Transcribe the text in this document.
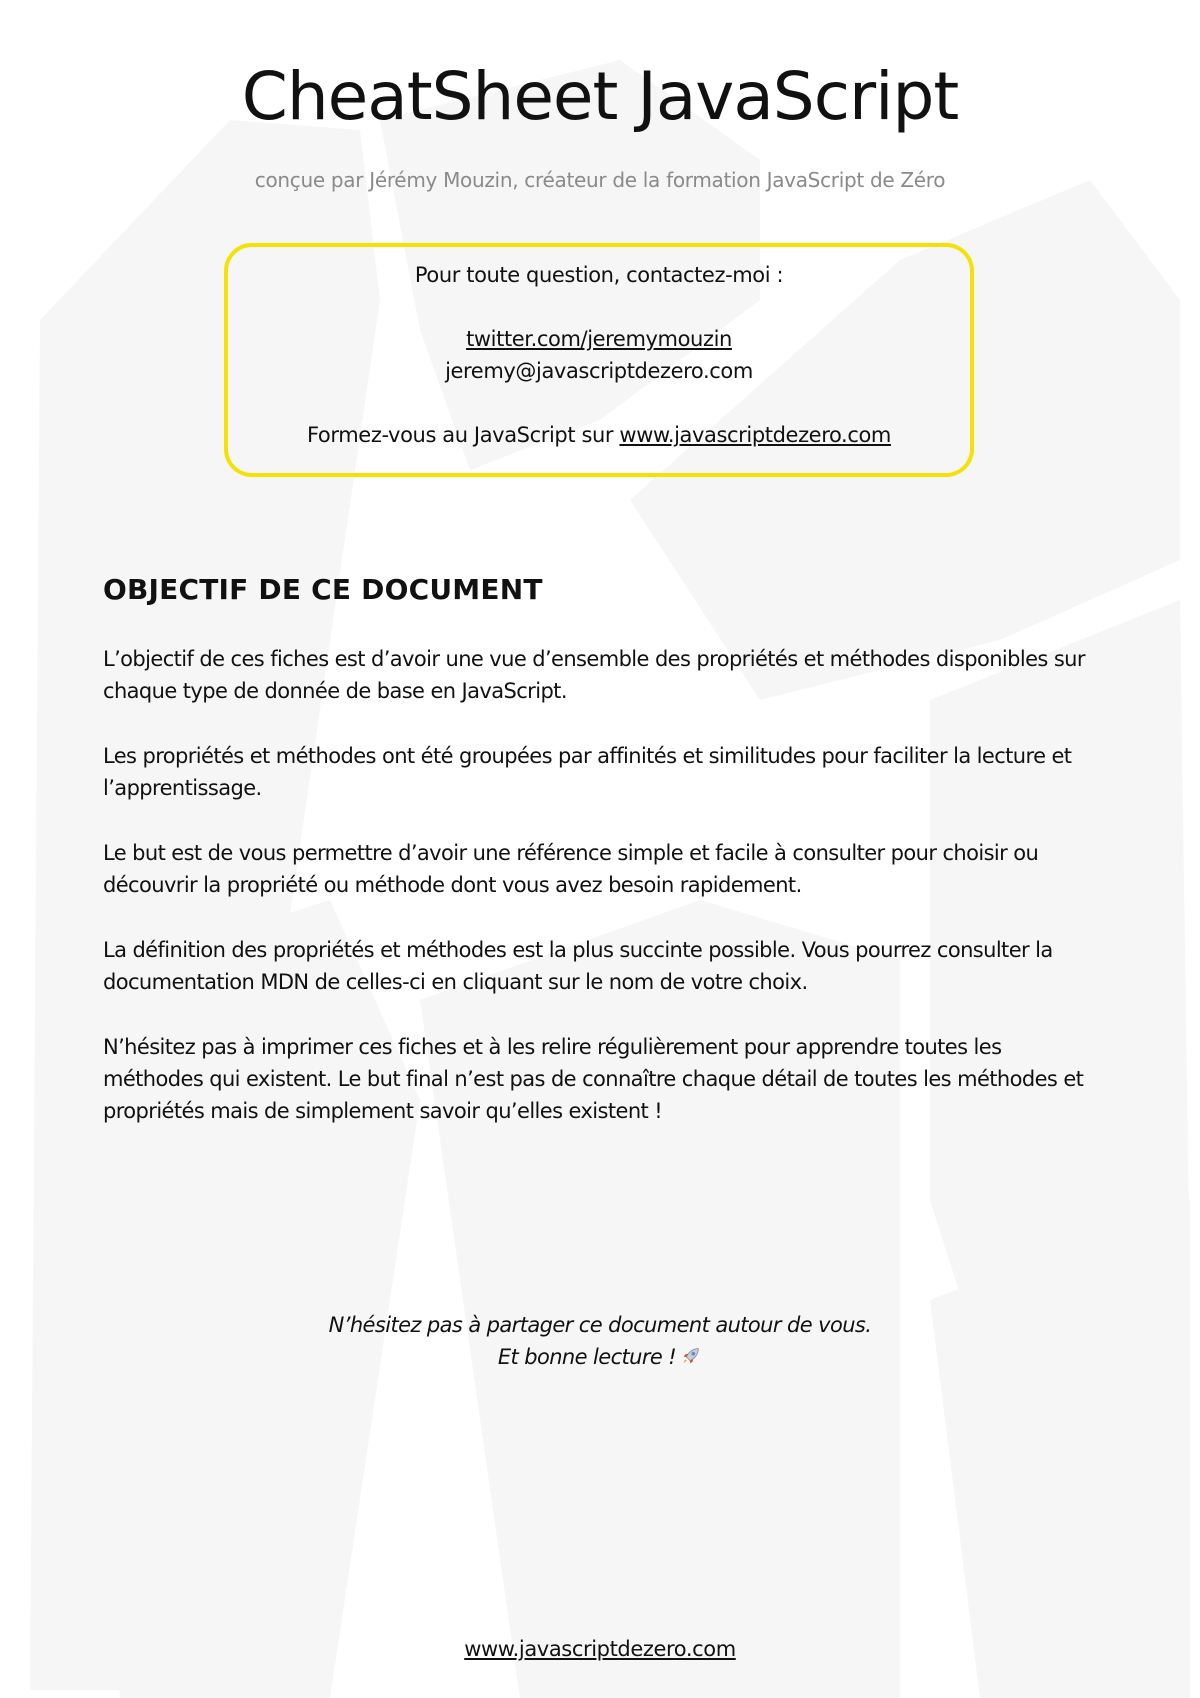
CheatSheet JavaScript
conçue par Jérémy Mouzin, créateur de la formation JavaScript de Zéro
Pour toute question, contactez-moi :
twitter.com/jeremymouzin
jeremy@javascriptdezero.com
Formez-vous au JavaScript sur www.javascriptdezero.com
OBJECTIF DE CE DOCUMENT

L’objectif de ces fiches est d’avoir une vue d’ensemble des propriétés et méthodes disponibles sur chaque type de donnée de base en JavaScript.

Les propriétés et méthodes ont été groupées par affinités et similitudes pour faciliter la lecture et l’apprentissage.

Le but est de vous permettre d’avoir une référence simple et facile à consulter pour choisir ou découvrir la propriété ou méthode dont vous avez besoin rapidement.

La définition des propriétés et méthodes est la plus succinte possible. Vous pourrez consulter la documentation MDN de celles-ci en cliquant sur le nom de votre choix.

N’hésitez pas à imprimer ces fiches et à les relire régulièrement pour apprendre toutes les méthodes qui existent. Le but final n’est pas de connaître chaque détail de toutes les méthodes et propriétés mais de simplement savoir qu’elles existent !

N’hésitez pas à partager ce document autour de vous.
Et bonne lecture !
www.javascriptdezero.com
